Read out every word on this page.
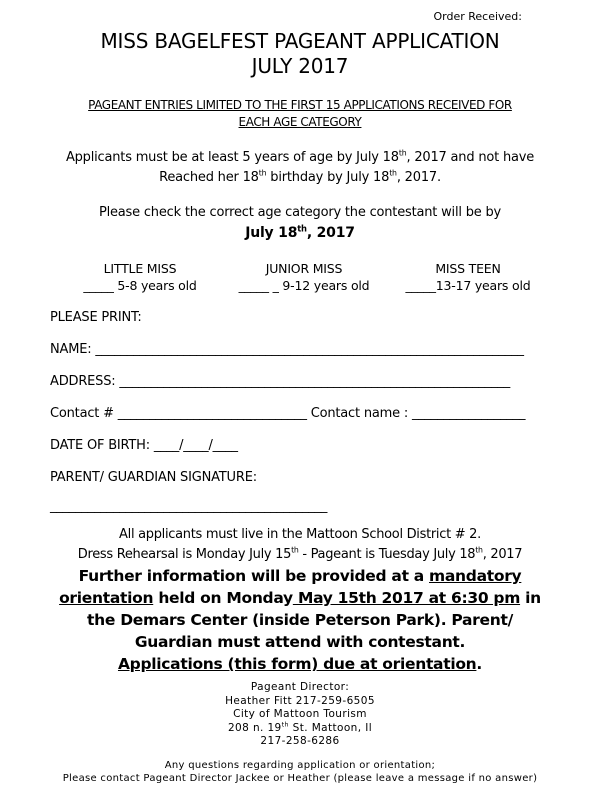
Order Received:
MISS BAGELFEST PAGEANT APPLICATION
JULY 2017
PAGEANT ENTRIES LIMITED TO THE FIRST 15 APPLICATIONS RECEIVED FOR
EACH AGE CATEGORY
Applicants must be at least 5 years of age by July 18th, 2017 and not have
Reached her 18th birthday by July 18th, 2017.
Please check the correct age category the contestant will be by
July 18th, 2017
LITTLE MISS
_____ 5-8 years old
JUNIOR MISS
_____ _ 9-12 years old
MISS TEEN
_____13-17 years old
PLEASE PRINT:
NAME: ____________________________________________________________________
ADDRESS: ______________________________________________________________
Contact # ______________________________ Contact name : __________________
DATE OF BIRTH: ____/____/____
PARENT/ GUARDIAN SIGNATURE:
____________________________________________
All applicants must live in the Mattoon School District # 2.
Dress Rehearsal is Monday July 15th - Pageant is Tuesday July 18th, 2017
Further information will be provided at a mandatory
orientation held on Monday May 15th 2017 at 6:30 pm in
the Demars Center (inside Peterson Park). Parent/
Guardian must attend with contestant.
Applications (this form) due at orientation.
Pageant Director:
Heather Fitt 217-259-6505
City of Mattoon Tourism
208 n. 19th St. Mattoon, Il
217-258-6286
Any questions regarding application or orientation;
Please contact Pageant Director Jackee or Heather (please leave a message if no answer)
